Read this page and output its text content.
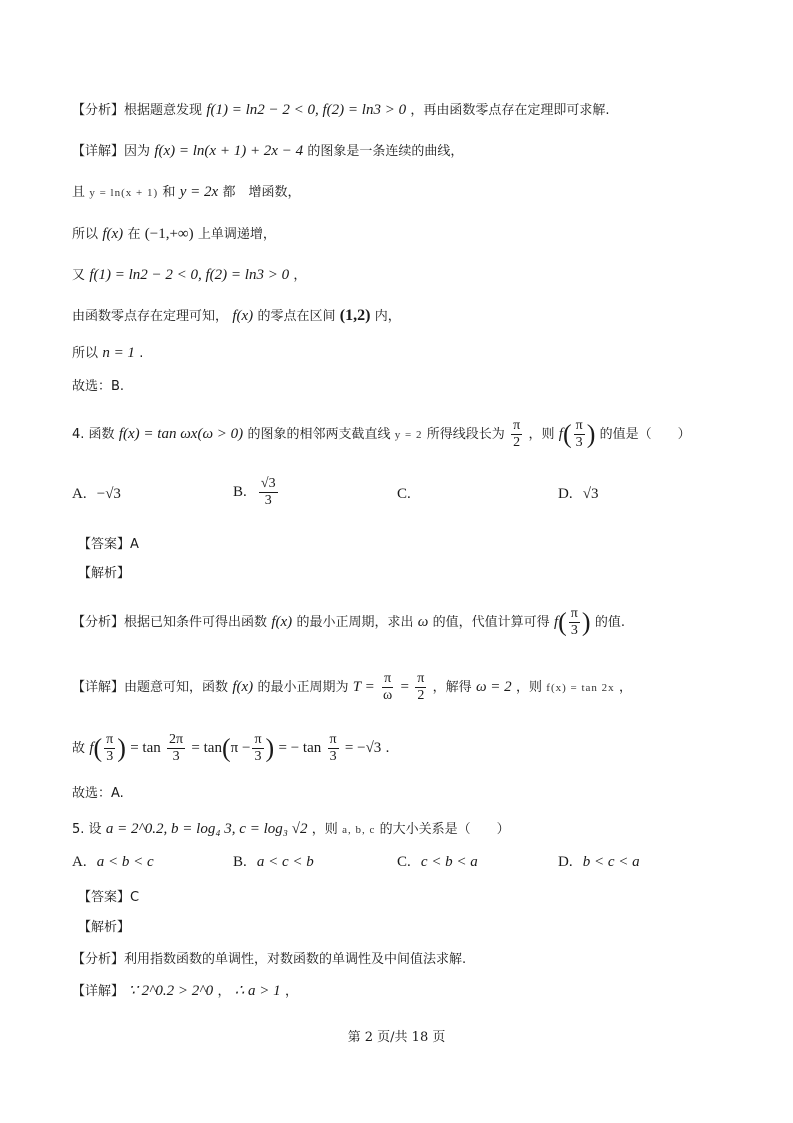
【分析】根据题意发现 f(1) = ln2 − 2 < 0, f(2) = ln3 > 0 ，再由函数零点存在定理即可求解.
【详解】因为 f(x) = ln(x + 1) + 2x − 4 的图象是一条连续的曲线，
且 y = ln(x + 1) 和 y = 2x 都　增函数，
所以 f(x) 在 (−1,+∞) 上单调递增，
又 f(1) = ln2 − 2 < 0, f(2) = ln3 > 0 ，
由函数零点存在定理可知， f(x) 的零点在区间 (1,2) 内，
所以 n = 1 .
故选：B.
4. 函数 f(x) = tan ωx(ω > 0) 的图象的相邻两支截直线 y = 2 所得线段长为 $\frac{\pi}{2}$ ，则 $f( \frac{\pi}{3}$ ) 的值是（　　）
A. −√3	B. $\frac{√3}{3}$	C.	D. √3
【答案】A
【解析】
【分析】根据已知条件可得出函数 f(x) 的最小正周期，求出 ω 的值，代值计算可得 $f( \frac{\pi}{3}$ ) 的值.
【详解】由题意可知，函数 f(x) 的最小正周期为 $T = \frac{\pi}{\omega} = \frac{\pi}{2}$ ，解得 ω = 2 ，则 f(x) = tan 2x ，
故 $f( \frac{\pi}{3}$ ) = $\tan \frac{2\pi}{3} = \tan(\pi - \frac{\pi}{3}$ ) = − $\tan \frac{\pi}{3} = -√3$ .
故选：A.
5. 设 a = 2^0.2, b = log₄ 3, c = log₃ √2 ，则 a, b, c 的大小关系是（　　）
A. a < b < c	B. a < c < b	C. c < b < a	D. b < c < a
【答案】C
【解析】
【分析】利用指数函数的单调性，对数函数的单调性及中间值法求解.
【详解】 ∵ 2^0.2 > 2^0 ， ∴ a > 1 ，
第 2 页/共 18 页
